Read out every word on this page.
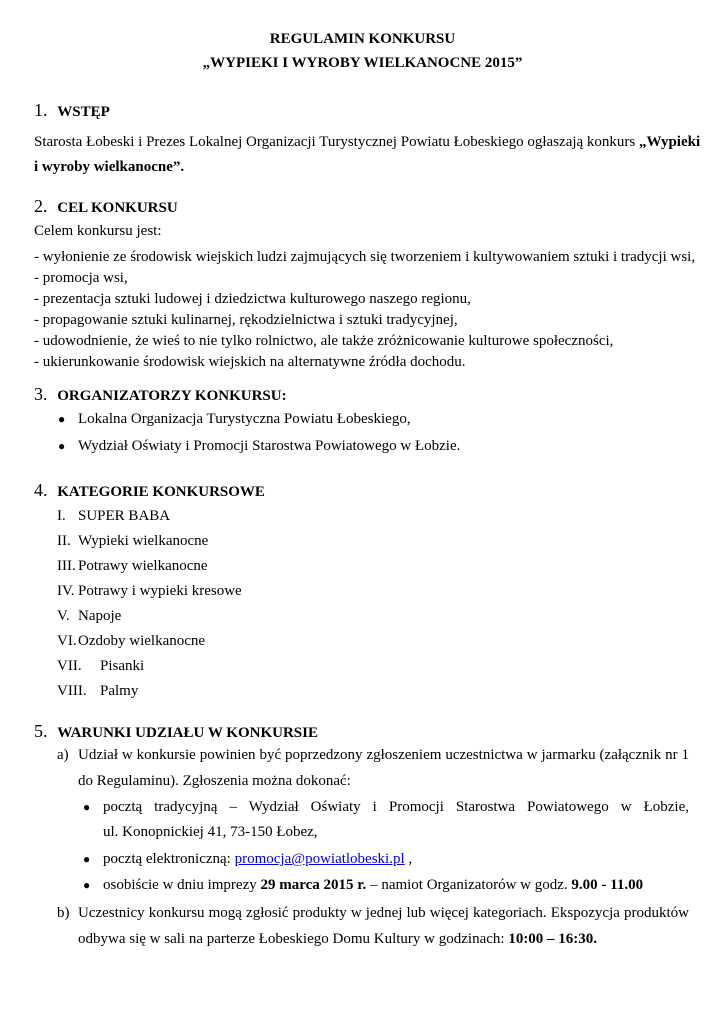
REGULAMIN KONKURSU
„WYPIEKI I WYROBY WIELKANOCNE 2015”
1. WSTĘP
Starosta Łobeski i Prezes Lokalnej Organizacji Turystycznej Powiatu Łobeskiego ogłaszają konkurs „Wypieki
i wyroby wielkanocne”.
2. CEL KONKURSU
Celem konkursu jest:
- wyłonienie ze środowisk wiejskich ludzi zajmujących się tworzeniem i kultywowaniem sztuki i tradycji wsi,
- promocja wsi,
- prezentacja sztuki ludowej i dziedzictwa kulturowego naszego regionu,
- propagowanie sztuki kulinarnej, rękodzielnictwa i sztuki tradycyjnej,
- udowodnienie, że wieś to nie tylko rolnictwo, ale także zróżnicowanie kulturowe społeczności,
- ukierunkowanie środowisk wiejskich na alternatywne źródła dochodu.
3. ORGANIZATORZY KONKURSU:
● Lokalna Organizacja Turystyczna Powiatu Łobeskiego,
● Wydział Oświaty i Promocji Starostwa Powiatowego w Łobzie.
4. KATEGORIE KONKURSOWE
I. SUPER BABA
II. Wypieki wielkanocne
III. Potrawy wielkanocne
IV. Potrawy i wypieki kresowe
V. Napoje
VI. Ozdoby wielkanocne
VII. Pisanki
VIII. Palmy
5. WARUNKI UDZIAŁU W KONKURSIE
a) Udział w konkursie powinien być poprzedzony zgłoszeniem uczestnictwa w jarmarku (załącznik nr 1
do Regulaminu). Zgłoszenia można dokonać:
● pocztą tradycyjną – Wydział Oświaty i Promocji Starostwa Powiatowego w Łobzie,
ul. Konopnickiej 41, 73-150 Łobez,
● pocztą elektroniczną: promocja@powiatlobeski.pl ,
● osobiście w dniu imprezy 29 marca 2015 r. – namiot Organizatorów w godz. 9.00 - 11.00
b) Uczestnicy konkursu mogą zgłosić produkty w jednej lub więcej kategoriach. Ekspozycja produktów
odbywa się w sali na parterze Łobeskiego Domu Kultury w godzinach: 10:00 – 16:30.
